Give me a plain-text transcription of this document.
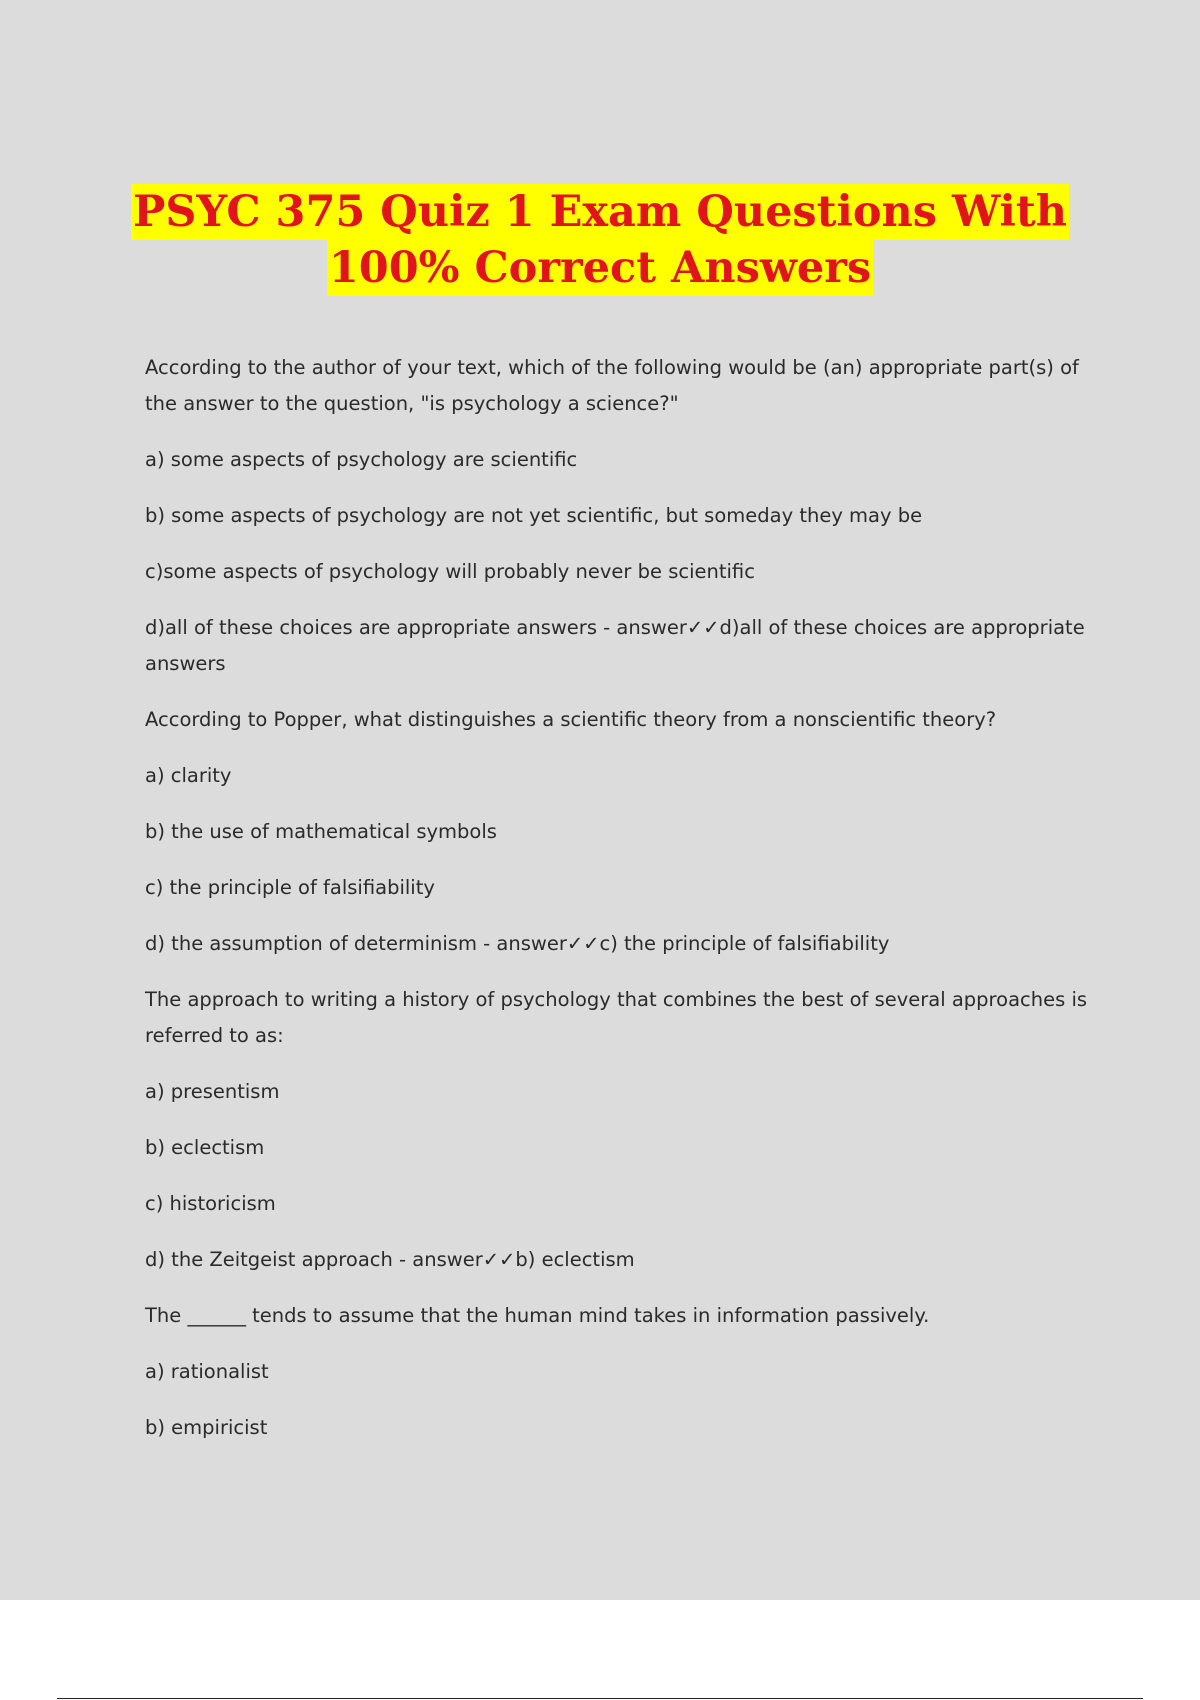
PSYC 375 Quiz 1 Exam Questions With
100% Correct Answers

According to the author of your text, which of the following would be (an) appropriate part(s) of the answer to the question, "is psychology a science?"

a) some aspects of psychology are scientific

b) some aspects of psychology are not yet scientific, but someday they may be

c)some aspects of psychology will probably never be scientific

d)all of these choices are appropriate answers - answer✓✓d)all of these choices are appropriate answers

According to Popper, what distinguishes a scientific theory from a nonscientific theory?

a) clarity

b) the use of mathematical symbols

c) the principle of falsifiability

d) the assumption of determinism - answer✓✓c) the principle of falsifiability

The approach to writing a history of psychology that combines the best of several approaches is referred to as:

a) presentism

b) eclectism

c) historicism

d) the Zeitgeist approach - answer✓✓b) eclectism

The ______ tends to assume that the human mind takes in information passively.

a) rationalist

b) empiricist
